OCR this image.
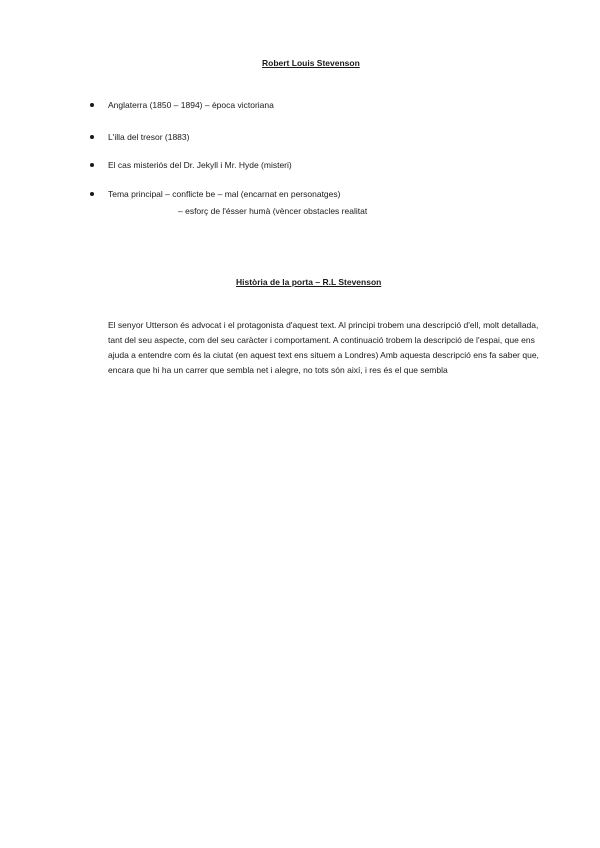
Robert Louis Stevenson
Anglaterra (1850 – 1894) – època victoriana
L'illa del tresor (1883)
El cas misteriós del Dr. Jekyll i Mr. Hyde (misteri)
Tema principal – conflicte be – mal (encarnat en personatges)
– esforç de l'ésser humà (vèncer obstacles realitat
Història de la porta – R.L Stevenson
El senyor Utterson és advocat i el protagonista d'aquest text. Al principi trobem una descripció d'ell, molt detallada, tant del seu aspecte, com del seu caràcter i comportament. A continuació trobem la descripció de l'espai, que ens ajuda a entendre com és la ciutat (en aquest text ens situem a Londres) Amb aquesta descripció ens fa saber que, encara que hi ha un carrer que sembla net i alegre, no tots són així, i res és el que sembla
